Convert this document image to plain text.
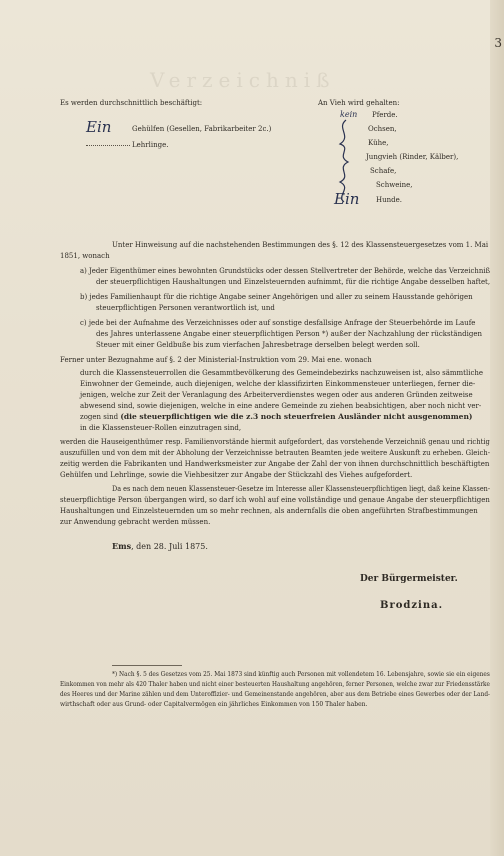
3
Verzeichniß
Es werden durchschnittlich beschäftigt:
Ein	Gehülfen (Gesellen, Fabrikarbeiter 2c.)
Lehrlinge.
An Vieh wird gehalten:
kein Pferde.
Ochsen,
Kühe,
Jungvieh (Rinder, Kälber),
Schafe,
Schweine,
Ein Hunde.
Unter Hinweisung auf die nachstehenden Bestimmungen des §. 12 des Klassensteuergesetzes vom 1. Mai
1851, wonach
a) Jeder Eigenthümer eines bewohnten Grundstücks oder dessen Stellvertreter der Behörde, welche das Verzeichniß
der steuerpflichtigen Haushaltungen und Einzelsteuernden aufnimmt, für die richtige Angabe desselben haftet,
b) jedes Familienhaupt für die richtige Angabe seiner Angehörigen und aller zu seinem Hausstande gehörigen
steuerpflichtigen Personen verantwortlich ist, und
c) jede bei der Aufnahme des Verzeichnisses oder auf sonstige desfallsige Anfrage der Steuerbehörde im Laufe
des Jahres unterlassene Angabe einer steuerpflichtigen Person *) außer der Nachzahlung der rückständigen
Steuer mit einer Geldbuße bis zum vierfachen Jahresbetrage derselben belegt werden soll.
Ferner unter Bezugnahme auf §. 2 der Ministerial-Instruktion vom 29. Mai ene. wonach
durch die Klassensteuerrollen die Gesammtbevölkerung des Gemeindebezirks nachzuweisen ist, also sämmtliche
Einwohner der Gemeinde, auch diejenigen, welche der klassifizirten Einkommensteuer unterliegen, ferner die-
jenigen, welche zur Zeit der Veranlagung des Arbeiterverdienstes wegen oder aus anderen Gründen zeitweise
abwesend sind, sowie diejenigen, welche in eine andere Gemeinde zu ziehen beabsichtigen, aber noch nicht ver-
zogen sind (die steuerpflichtigen wie die z.3 noch steuerfreien Ausländer nicht ausgenommen)
in die Klassensteuer-Rollen einzutragen sind,
werden die Hauseigenthümer resp. Familienvorstände hiermit aufgefordert, das vorstehende Verzeichniß genau und richtig
auszufüllen und von dem mit der Abholung der Verzeichnisse betrauten Beamten jede weitere Auskunft zu erheben. Gleich-
zeitig werden die Fabrikanten und Handwerksmeister zur Angabe der Zahl der von ihnen durchschnittlich beschäftigten
Gehülfen und Lehrlinge, sowie die Viehbesitzer zur Angabe der Stückzahl des Viehes aufgefordert.
Da es nach dem neuen Klassensteuer-Gesetze im Interesse aller Klassensteuerpflichtigen liegt, daß keine Klassen-
steuerpflichtige Person übergangen wird, so darf ich wohl auf eine vollständige und genaue Angabe der steuerpflichtigen
Haushaltungen und Einzelsteuernden um so mehr rechnen, als andernfalls die oben angeführten Strafbestimmungen
zur Anwendung gebracht werden müssen.
Ems, den 28. Juli 1875.
Der Bürgermeister.
Brodzina.
*) Nach §. 5 des Gesetzes vom 25. Mai 1873 sind künftig auch Personen mit vollendetem 16. Lebensjahre, sowie sie ein eigenes
Einkommen von mehr als 420 Thaler haben und nicht einer besteuerten Haushaltung angehören, ferner Personen, welche zwar zur Friedensstärke
des Heeres und der Marine zählen und dem Unteroffizier- und Gemeinenstande angehören, aber aus dem Betriebe eines Gewerbes oder der Land-
wirthschaft oder aus Grund- oder Capitalvermögen ein jährliches Einkommen von 150 Thaler haben.
